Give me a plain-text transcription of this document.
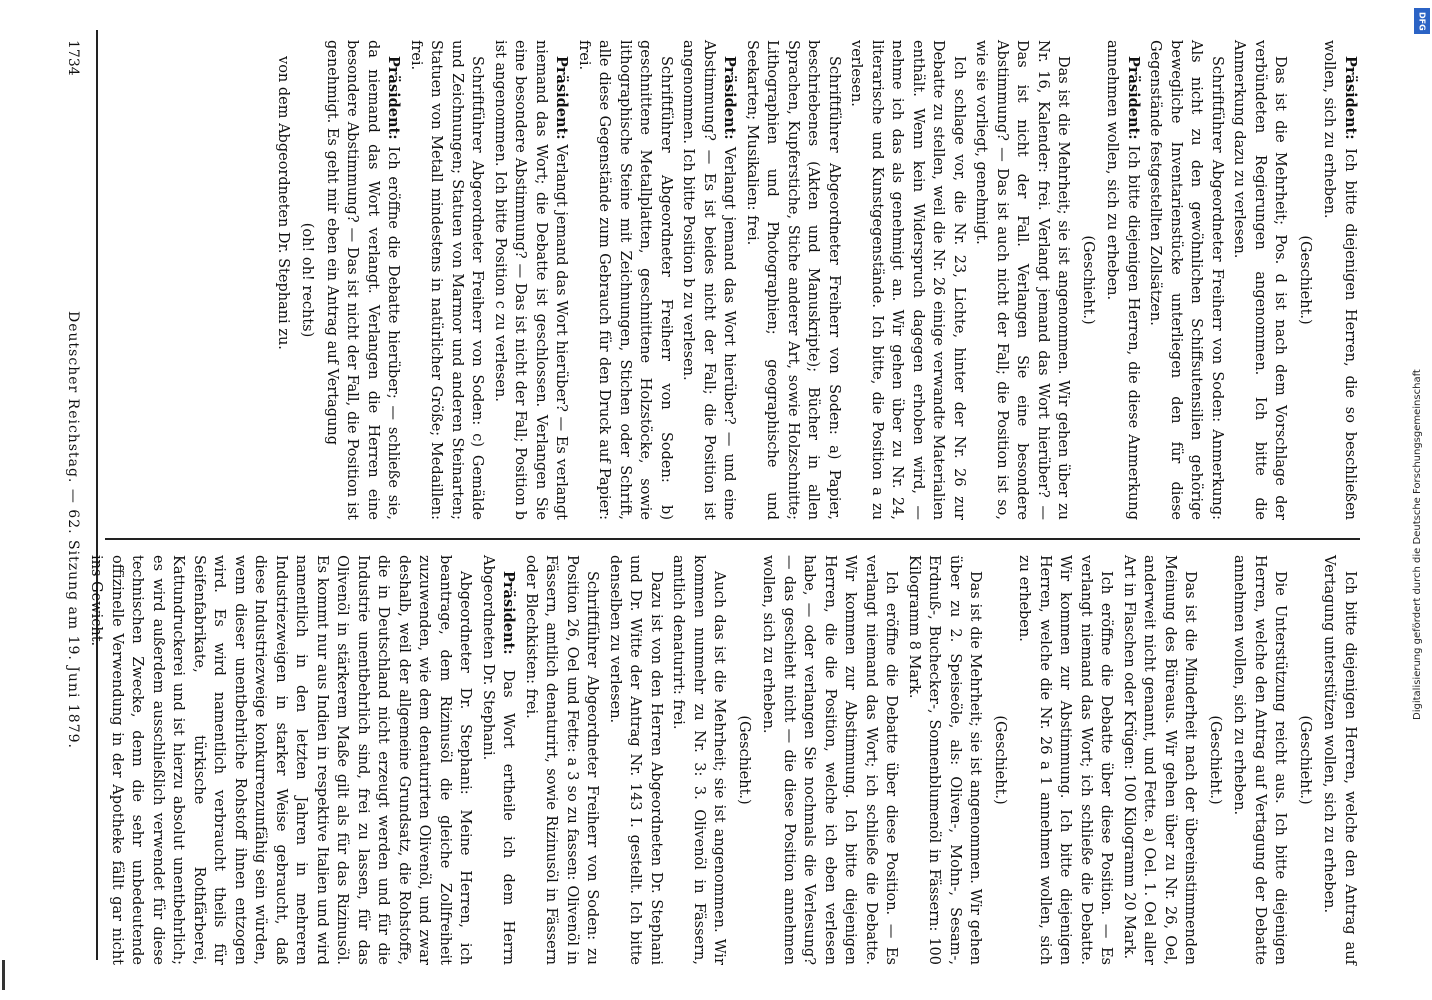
1734
Deutscher Reichstag. — 62. Sitzung am 19. Juni 1879.

Präsident: Ich bitte diejenigen Herren, die so beschließen wollen, sich zu erheben.

(Geschieht.)

Das ist die Mehrheit; Pos. d ist nach dem Vorschlage der verbündeten Regierungen angenommen. Ich bitte die Anmerkung dazu zu verlesen.

Schriftführer Abgeordneter Freiherr von Soden: Anmerkung: Als nicht zu den gewöhnlichen Schiffsutensilien gehörige bewegliche Inventarienstücke unterliegen den für diese Gegenstände festgestellten Zollsätzen.

Präsident: Ich bitte diejenigen Herren, die diese Anmerkung annehmen wollen, sich zu erheben.

(Geschieht.)

Das ist die Mehrheit; sie ist angenommen. Wir gehen über zu Nr. 16, Kalender: frei. Verlangt jemand das Wort hierüber? — Das ist nicht der Fall. Verlangen Sie eine besondere Abstimmung? — Das ist auch nicht der Fall; die Position ist so, wie sie vorliegt, genehmigt.

Ich schlage vor, die Nr. 23, Lichte, hinter der Nr. 26 zur Debatte zu stellen, weil die Nr. 26 einige verwandte Materialien enthält. Wenn kein Widerspruch dagegen erhoben wird, — nehme ich das als genehmigt an. Wir gehen über zu Nr. 24, literarische und Kunstgegenstände. Ich bitte, die Position a zu verlesen.

Schriftführer Abgeordneter Freiherr von Soden: a) Papier, beschriebenes (Akten und Manuskripte); Bücher in allen Sprachen, Kupferstiche, Stiche anderer Art, sowie Holzschnitte; Lithographien und Photographien; geographische und Seekarten; Musikalien: frei.

Präsident: Verlangt jemand das Wort hierüber? — und eine Abstimmung? — Es ist beides nicht der Fall; die Position ist angenommen. Ich bitte Position b zu verlesen.

Schriftführer Abgeordneter Freiherr von Soden: b) geschnittene Metallplatten, geschnittene Holzstöcke, sowie lithographische Steine mit Zeichnungen, Stichen oder Schrift, alle diese Gegenstände zum Gebrauch für den Druck auf Papier: frei.

Präsident: Verlangt jemand das Wort hierüber? — Es verlangt niemand das Wort; die Debatte ist geschlossen. Verlangen Sie eine besondere Abstimmung? — Das ist nicht der Fall; Position b ist angenommen. Ich bitte Position c zu verlesen.

Schriftführer Abgeordneter Freiherr von Soden: c) Gemälde und Zeichnungen; Statuen von Marmor und anderen Steinarten; Statuen von Metall mindestens in natürlicher Größe; Medaillen: frei.

Präsident: Ich eröffne die Debatte hierüber; — schließe sie, da niemand das Wort verlangt. Verlangen die Herren eine besondere Abstimmung? — Das ist nicht der Fall, die Position ist genehmigt. Es geht mir eben ein Antrag auf Vertagung

(oh! oh! rechts)

von dem Abgeordneten Dr. Stephani zu.

Ich bitte diejenigen Herren, welche den Antrag auf Vertagung unterstützen wollen, sich zu erheben.

(Geschieht.)

Die Unterstützung reicht aus. Ich bitte diejenigen Herren, welche den Antrag auf Vertagung der Debatte annehmen wollen, sich zu erheben.

(Geschieht.)

Das ist die Minderheit nach der übereinstimmenden Meinung des Büreaus. Wir gehen über zu Nr. 26, Oel, anderweit nicht genannt, und Fette. a) Oel. 1. Oel aller Art in Flaschen oder Krügen: 100 Kilogramm 20 Mark.

Ich eröffne die Debatte über diese Position. — Es verlangt niemand das Wort; ich schließe die Debatte. Wir kommen zur Abstimmung. Ich bitte diejenigen Herren, welche die Nr. 26 a 1 annehmen wollen, sich zu erheben.

(Geschieht.)

Das ist die Mehrheit; sie ist angenommen. Wir gehen über zu 2. Speiseöle, als: Oliven-, Mohn-, Sesam-, Erdnuß-, Buchecker-, Sonnenblumenöl in Fässern: 100 Kilogramm 8 Mark.

Ich eröffne die Debatte über diese Position. — Es verlangt niemand das Wort; ich schließe die Debatte. Wir kommen zur Abstimmung. Ich bitte diejenigen Herren, die die Position, welche ich eben verlesen habe, — oder verlangen Sie nochmals die Verlesung? — das geschieht nicht — die diese Position annehmen wollen, sich zu erheben.

(Geschieht.)

Auch das ist die Mehrheit; sie ist angenommen. Wir kommen nunmehr zu Nr. 3: 3. Olivenöl in Fässern, amtlich denaturirt: frei.

Dazu ist von den Herren Abgeordneten Dr. Stephani und Dr. Witte der Antrag Nr. 143 I. gestellt. Ich bitte denselben zu verlesen.

Schriftführer Abgeordneter Freiherr von Soden: zu Position 26, Oel und Fette: a 3 so zu fassen: Olivenöl in Fässern, amtlich denaturirt, sowie Rizinusöl in Fässern oder Blechkisten: frei.

Präsident: Das Wort ertheile ich dem Herrn Abgeordneten Dr. Stephani.

Abgeordneter Dr. Stephani: Meine Herren, ich beantrage, dem Rizinusöl die gleiche Zollfreiheit zuzuwenden, wie dem denaturirten Olivenöl, und zwar deshalb, weil der allgemeine Grundsatz, die Rohstoffe, die in Deutschland nicht erzeugt werden und für die Industrie unentbehrlich sind, frei zu lassen, für das Olivenöl in stärkerem Maße gilt als für das Rizinusöl. Es kommt nur aus Indien in respektive Italien und wird namentlich in den letzten Jahren in mehreren Industriezweigen in starker Weise gebraucht, daß diese Industriezweige konkurrenzunfähig sein würden, wenn dieser unentbehrliche Rohstoff ihnen entzogen wird. Es wird namentlich verbraucht theils für Seifenfabrikate, türkische Rothfärberei, Kattundruckerei und ist hierzu absolut unentbehrlich; es wird außerdem ausschließlich verwendet für diese technischen Zwecke, denn die sehr unbedeutende offizinelle Verwendung in der Apotheke fällt gar nicht ins Gewicht.

DFG
Digitalisierung gefördert durch die Deutsche Forschungsgemeinschaft
